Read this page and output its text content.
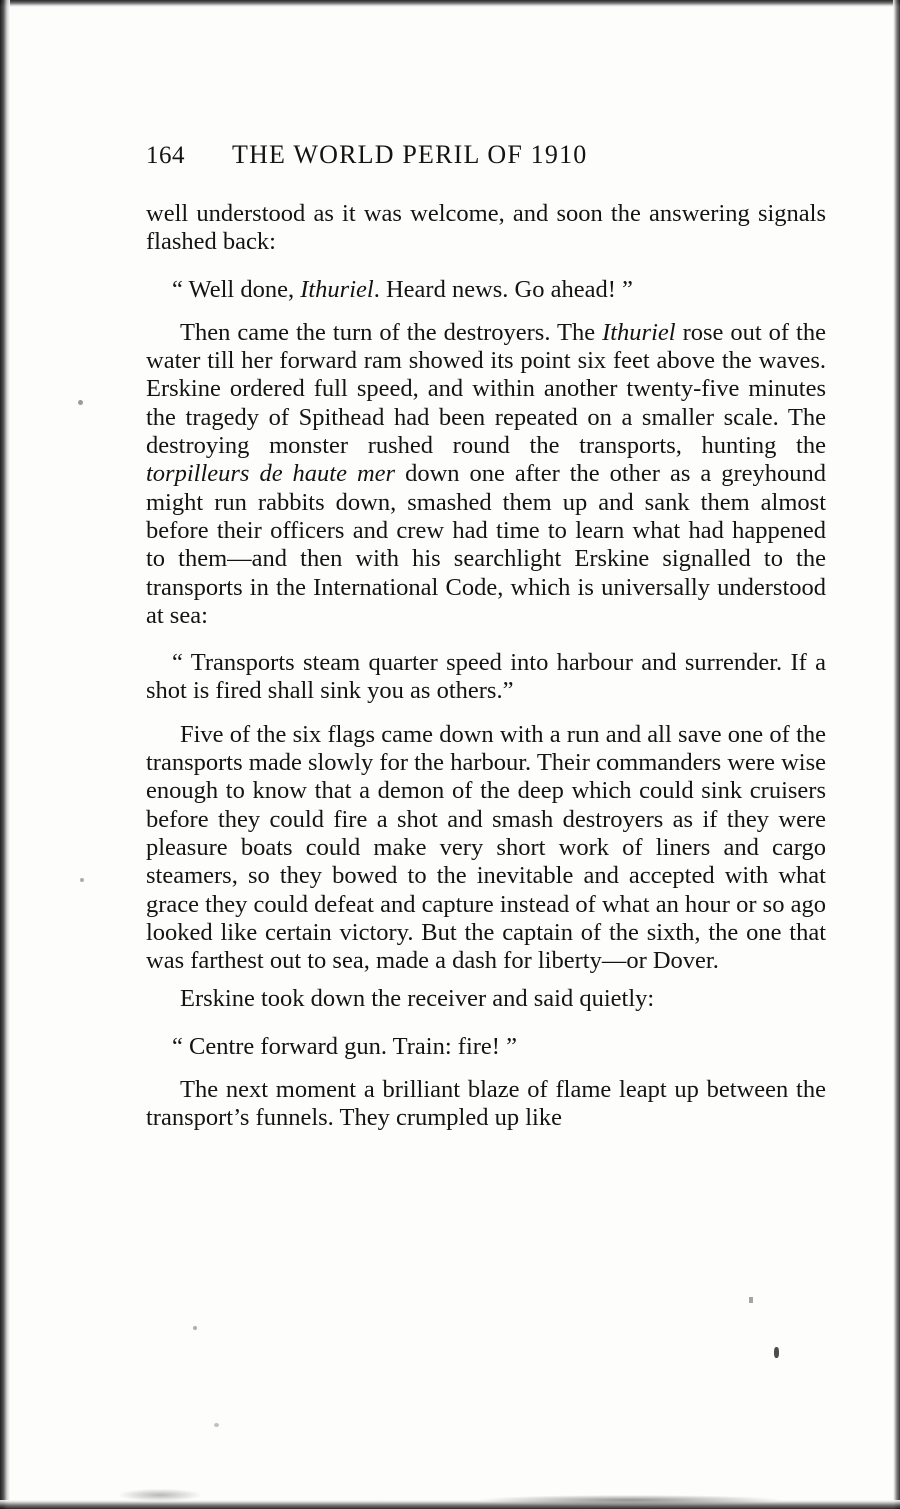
164	THE WORLD PERIL OF 1910

well understood as it was welcome, and soon the answering signals flashed back:

“ Well done, Ithuriel. Heard news. Go ahead! ”

Then came the turn of the destroyers. The Ithuriel rose out of the water till her forward ram showed its point six feet above the waves. Erskine ordered full speed, and within another twenty-five minutes the tragedy of Spithead had been repeated on a smaller scale. The destroying monster rushed round the transports, hunting the torpilleurs de haute mer down one after the other as a greyhound might run rabbits down, smashed them up and sank them almost before their officers and crew had time to learn what had happened to them—and then with his searchlight Erskine signalled to the transports in the International Code, which is universally understood at sea:

“ Transports steam quarter speed into harbour and surrender. If a shot is fired shall sink you as others.”

Five of the six flags came down with a run and all save one of the transports made slowly for the harbour. Their commanders were wise enough to know that a demon of the deep which could sink cruisers before they could fire a shot and smash destroyers as if they were pleasure boats could make very short work of liners and cargo steamers, so they bowed to the inevitable and accepted with what grace they could defeat and capture instead of what an hour or so ago looked like certain victory. But the captain of the sixth, the one that was farthest out to sea, made a dash for liberty—or Dover.

Erskine took down the receiver and said quietly:

“ Centre forward gun. Train: fire! ”

The next moment a brilliant blaze of flame leapt up between the transport’s funnels. They crumpled up like
